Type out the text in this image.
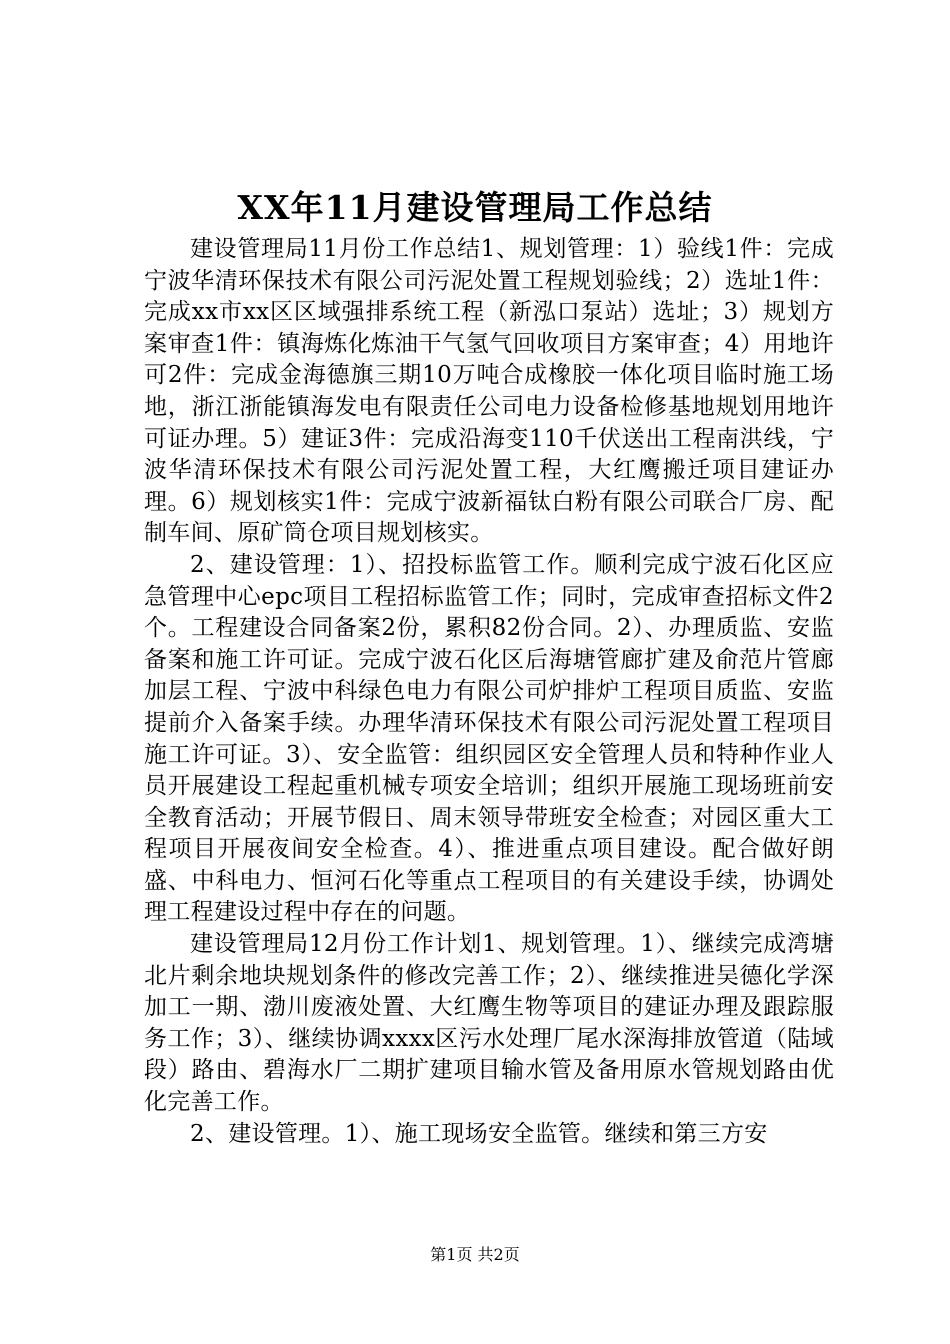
XX年11月建设管理局工作总结

建设管理局11月份工作总结1、规划管理：1）验线1件：完成宁波华清环保技术有限公司污泥处置工程规划验线；2）选址1件：完成xx市xx区区域强排系统工程（新泓口泵站）选址；3）规划方案审查1件：镇海炼化炼油干气氢气回收项目方案审查；4）用地许可2件：完成金海德旗三期10万吨合成橡胶一体化项目临时施工场地，浙江浙能镇海发电有限责任公司电力设备检修基地规划用地许可证办理。5）建证3件：完成沿海变110千伏送出工程南洪线，宁波华清环保技术有限公司污泥处置工程，大红鹰搬迁项目建证办理。6）规划核实1件：完成宁波新福钛白粉有限公司联合厂房、配制车间、原矿筒仓项目规划核实。

2、建设管理：1）、招投标监管工作。顺利完成宁波石化区应急管理中心epc项目工程招标监管工作；同时，完成审查招标文件2个。工程建设合同备案2份，累积82份合同。2）、办理质监、安监备案和施工许可证。完成宁波石化区后海塘管廊扩建及俞范片管廊加层工程、宁波中科绿色电力有限公司炉排炉工程项目质监、安监提前介入备案手续。办理华清环保技术有限公司污泥处置工程项目施工许可证。3）、安全监管：组织园区安全管理人员和特种作业人员开展建设工程起重机械专项安全培训；组织开展施工现场班前安全教育活动；开展节假日、周末领导带班安全检查；对园区重大工程项目开展夜间安全检查。4）、推进重点项目建设。配合做好朗盛、中科电力、恒河石化等重点工程项目的有关建设手续，协调处理工程建设过程中存在的问题。

建设管理局12月份工作计划1、规划管理。1）、继续完成湾塘北片剩余地块规划条件的修改完善工作；2）、继续推进吴德化学深加工一期、渤川废液处置、大红鹰生物等项目的建证办理及跟踪服务工作；3）、继续协调xxxx区污水处理厂尾水深海排放管道（陆域段）路由、碧海水厂二期扩建项目输水管及备用原水管规划路由优化完善工作。

2、建设管理。1）、施工现场安全监管。继续和第三方安

第1页 共2页
